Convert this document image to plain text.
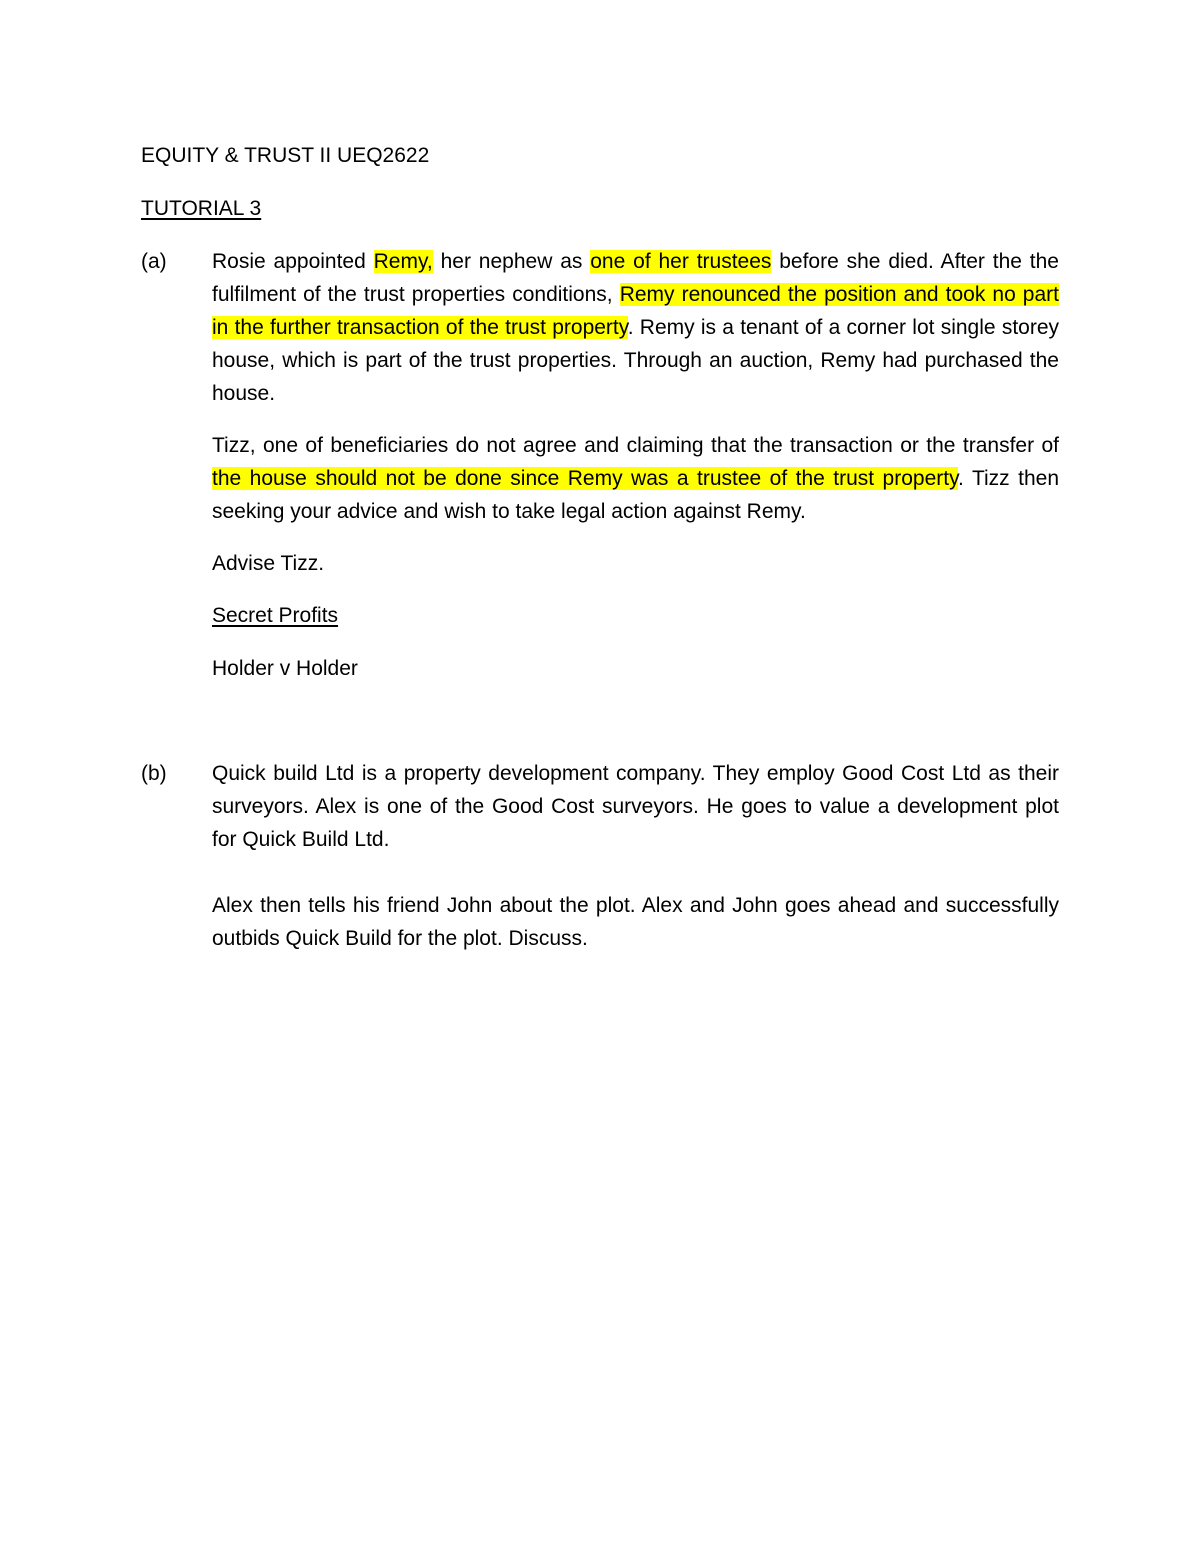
EQUITY & TRUST II UEQ2622
TUTORIAL 3
(a)	Rosie appointed Remy, her nephew as one of her trustees before she died. After the the fulfilment of the trust properties conditions, Remy renounced the position and took no part in the further transaction of the trust property. Remy is a tenant of a corner lot single storey house, which is part of the trust properties. Through an auction, Remy had purchased the house.

Tizz, one of beneficiaries do not agree and claiming that the transaction or the transfer of the house should not be done since Remy was a trustee of the trust property. Tizz then seeking your advice and wish to take legal action against Remy.

Advise Tizz.

Secret Profits

Holder v Holder

(b)	Quick build Ltd is a property development company. They employ Good Cost Ltd as their surveyors. Alex is one of the Good Cost surveyors. He goes to value a development plot for Quick Build Ltd.

Alex then tells his friend John about the plot. Alex and John goes ahead and successfully outbids Quick Build for the plot. Discuss.
